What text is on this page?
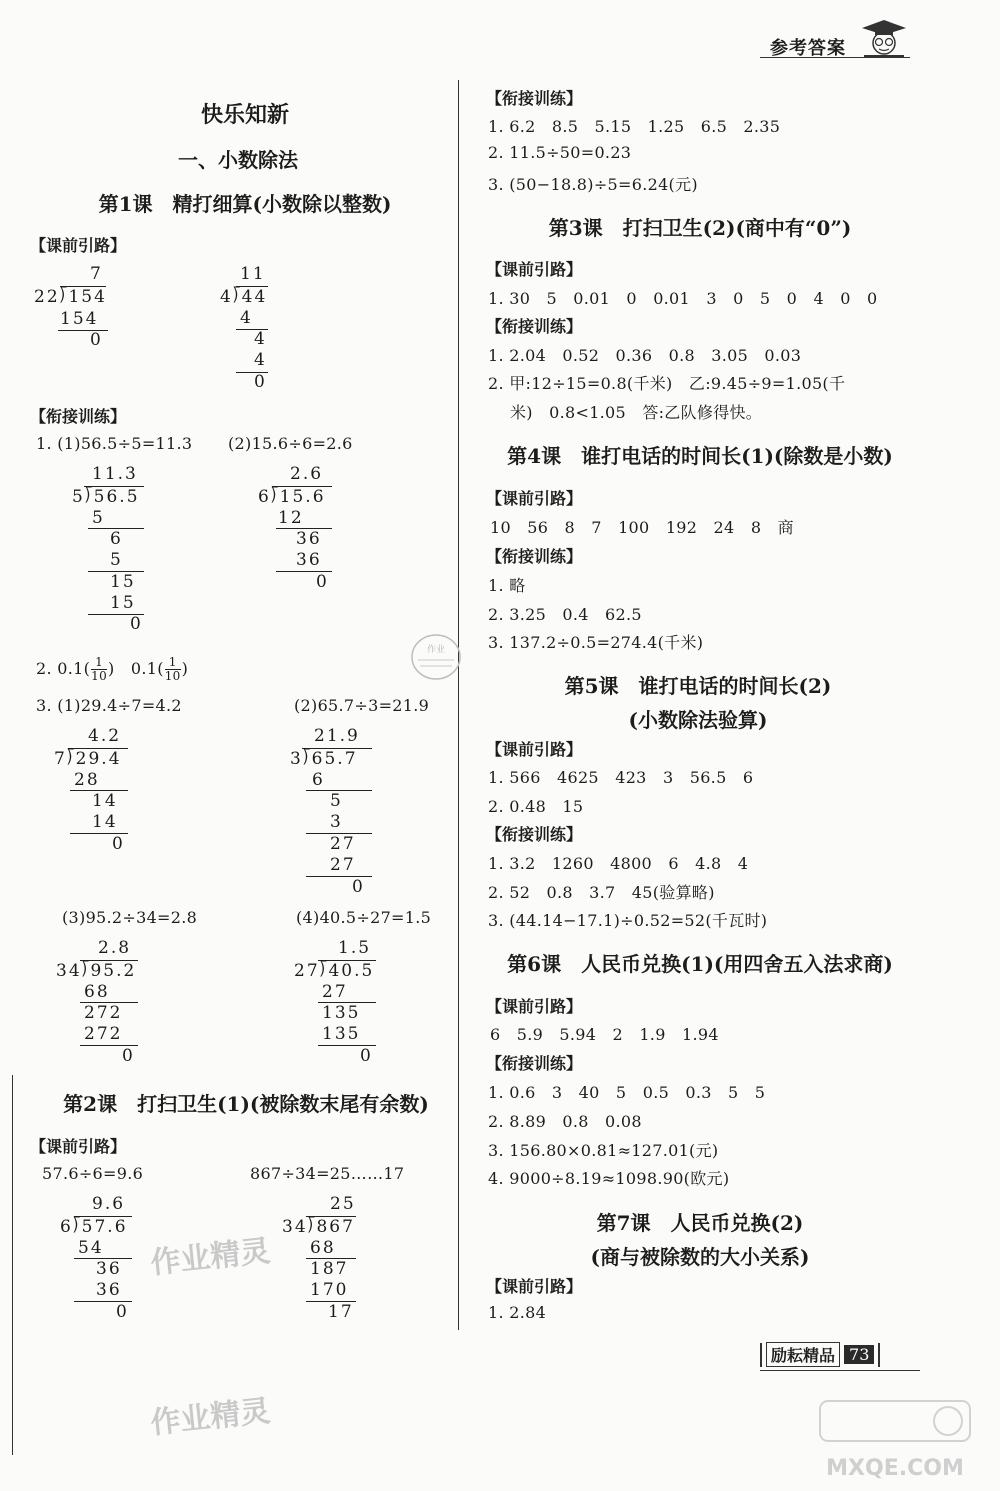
参考答案
快乐知新
一、小数除法
第1课　精打细算(小数除以整数)
【课前引路】
7
22⟌154
154
0
11
4⟌44
4
4
4
0
【衔接训练】
1. (1)56.5÷5=11.3 (2)15.6÷6=2.6
11.3
5⟌56.5
5
6
5
15
15
0
2.6
6⟌15.6
12
36
36
0
2. $0.1( \frac{1}{10}$ )　$0.1( \frac{1}{10}$ )
作业
3. (1)29.4÷7=4.2	(2)65.7÷3=21.9
4.2
7⟌29.4
28
14
14
0
21.9
3⟌65.7
6
5
3
27
27
0
(3)95.2÷34=2.8	(4)40.5÷27=1.5
2.8
34⟌95.2
68
272
272
0
1.5
27⟌40.5
27
135
135
0
第2课　打扫卫生(1)(被除数末尾有余数)
【课前引路】
57.6÷6=9.6	867÷34=25……17
9.6
6⟌57.6
54
36
36
0
25
34⟌867
68
187
170
17
作业精灵
作业精灵
【衔接训练】
1. 6.2　8.5　5.15　1.25　6.5　2.35
2. 11.5÷50=0.23
3. (50−18.8)÷5=6.24(元)
第3课　打扫卫生(2)(商中有“0”)
【课前引路】
1. 30　5　0.01　0　0.01　3　0　5　0　4　0　0
【衔接训练】
1. 2.04　0.52　0.36　0.8　3.05　0.03
2. 甲:12÷15=0.8(千米)　乙:9.45÷9=1.05(千
米)　0.8<1.05　答:乙队修得快。
第4课　谁打电话的时间长(1)(除数是小数)
【课前引路】
10　56　8　7　100　192　24　8　商
【衔接训练】
1. 略
2. 3.25　0.4　62.5
3. 137.2÷0.5=274.4(千米)
第5课　谁打电话的时间长(2)
(小数除法验算)
【课前引路】
1. 566　4625　423　3　56.5　6
2. 0.48　15
【衔接训练】
1. 3.2　1260　4800　6　4.8　4
2. 52　0.8　3.7　45(验算略)
3. (44.14−17.1)÷0.52=52(千瓦时)
第6课　人民币兑换(1)(用四舍五入法求商)
【课前引路】
6　5.9　5.94　2　1.9　1.94
【衔接训练】
1. 0.6　3　40　5　0.5　0.3　5　5
2. 8.89　0.8　0.08
3. 156.80×0.81≈127.01(元)
4. 9000÷8.19≈1098.90(欧元)
第7课　人民币兑换(2)
(商与被除数的大小关系)
【课前引路】
1. 2.84
励耘精品 73
MXQE.COM
